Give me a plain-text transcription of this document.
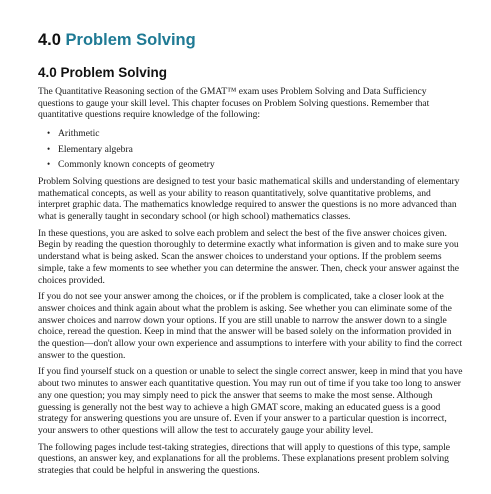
4.0 Problem Solving
4.0 Problem Solving

The Quantitative Reasoning section of the GMAT™ exam uses Problem Solving and Data Sufficiency questions to gauge your skill level. This chapter focuses on Problem Solving questions. Remember that quantitative questions require knowledge of the following:

• Arithmetic
• Elementary algebra
• Commonly known concepts of geometry

Problem Solving questions are designed to test your basic mathematical skills and understanding of elementary mathematical concepts, as well as your ability to reason quantitatively, solve quantitative problems, and interpret graphic data. The mathematics knowledge required to answer the questions is no more advanced than what is generally taught in secondary school (or high school) mathematics classes.

In these questions, you are asked to solve each problem and select the best of the five answer choices given. Begin by reading the question thoroughly to determine exactly what information is given and to make sure you understand what is being asked. Scan the answer choices to understand your options. If the problem seems simple, take a few moments to see whether you can determine the answer. Then, check your answer against the choices provided.

If you do not see your answer among the choices, or if the problem is complicated, take a closer look at the answer choices and think again about what the problem is asking. See whether you can eliminate some of the answer choices and narrow down your options. If you are still unable to narrow the answer down to a single choice, reread the question. Keep in mind that the answer will be based solely on the information provided in the question—don't allow your own experience and assumptions to interfere with your ability to find the correct answer to the question.

If you find yourself stuck on a question or unable to select the single correct answer, keep in mind that you have about two minutes to answer each quantitative question. You may run out of time if you take too long to answer any one question; you may simply need to pick the answer that seems to make the most sense. Although guessing is generally not the best way to achieve a high GMAT score, making an educated guess is a good strategy for answering questions you are unsure of. Even if your answer to a particular question is incorrect, your answers to other questions will allow the test to accurately gauge your ability level.

The following pages include test-taking strategies, directions that will apply to questions of this type, sample questions, an answer key, and explanations for all the problems. These explanations present problem solving strategies that could be helpful in answering the questions.
